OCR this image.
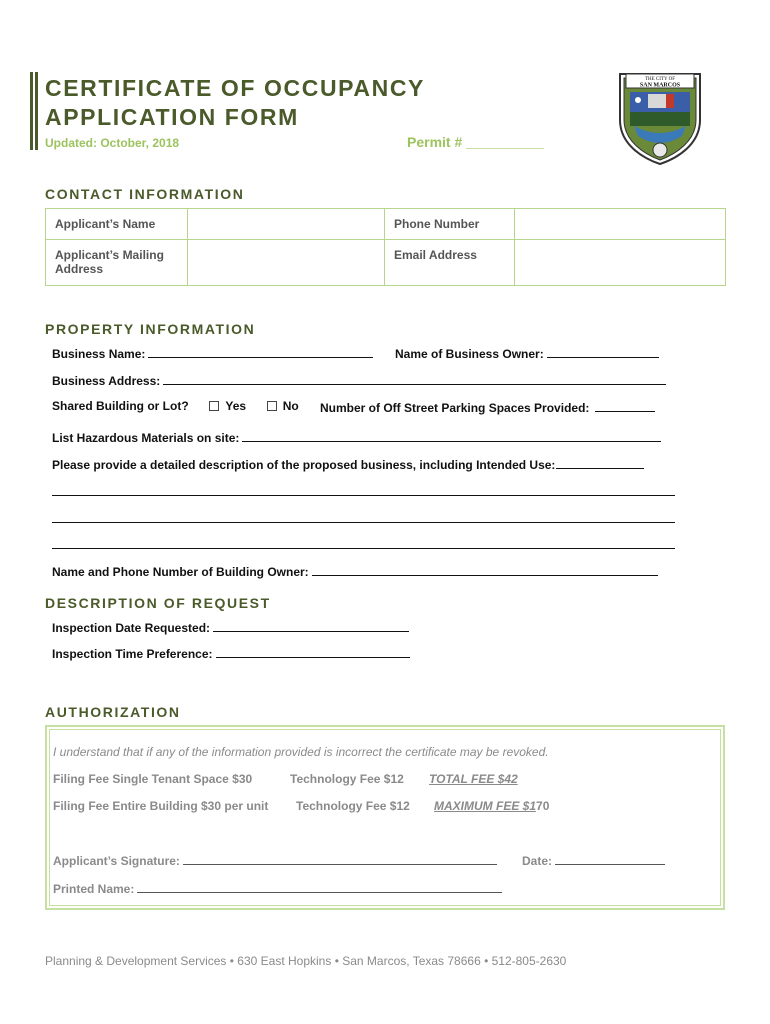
CERTIFICATE OF OCCUPANCY
APPLICATION FORM
Updated: October, 2018	Permit # __________
THE CITY OF
SAN MARCOS
CONTACT INFORMATION
Applicant’s Name		Phone Number	
Applicant’s Mailing
Address		Email Address	
PROPERTY INFORMATION
Business Name:	Name of Business Owner:
Business Address:
Shared Building or Lot?	Yes	No Number of Off Street Parking Spaces Provided:
List Hazardous Materials on site:
Please provide a detailed description of the proposed business, including Intended Use:
Name and Phone Number of Building Owner:
DESCRIPTION OF REQUEST
Inspection Date Requested:
Inspection Time Preference:
AUTHORIZATION
I understand that if any of the information provided is incorrect the certificate may be revoked.
Filing Fee Single Tenant Space $30	Technology Fee $12 TOTAL FEE $42
Filing Fee Entire Building $30 per unit Technology Fee $12 MAXIMUM FEE $170
Applicant’s Signature:	Date:
Printed Name:
Planning & Development Services • 630 East Hopkins • San Marcos, Texas 78666 • 512-805-2630
